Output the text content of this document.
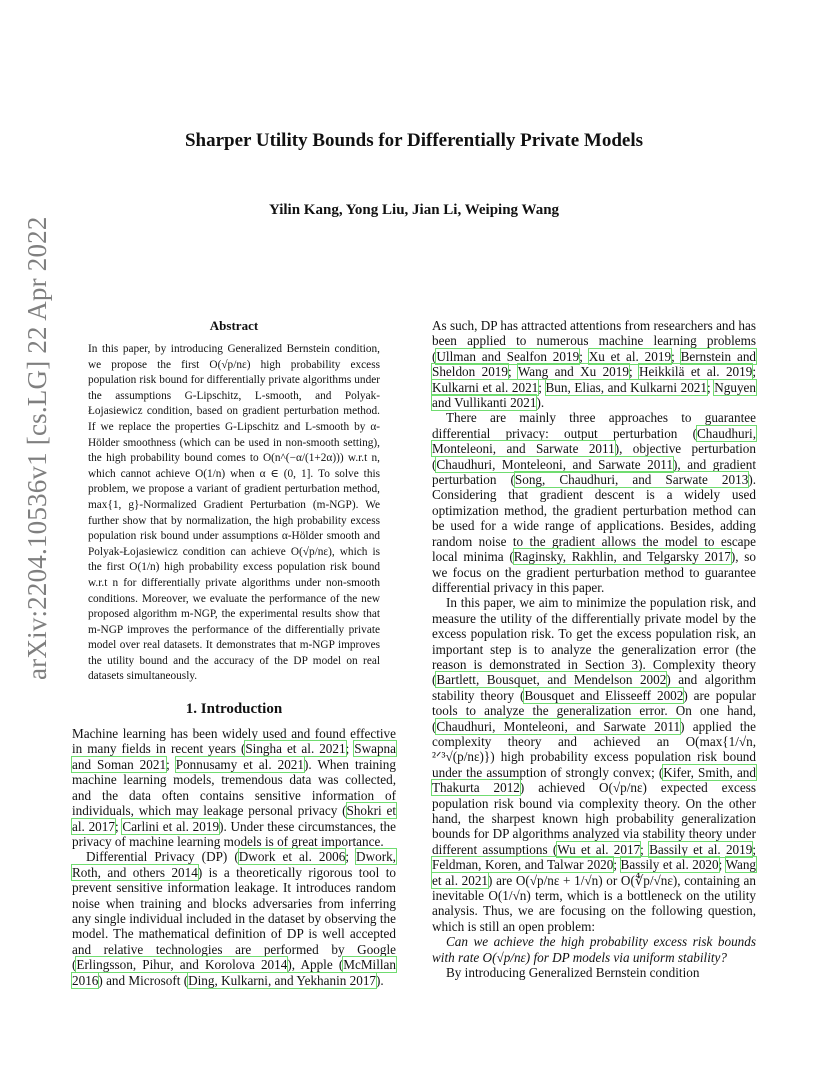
arXiv:2204.10536v1 [cs.LG] 22 Apr 2022
Sharper Utility Bounds for Differentially Private Models
Yilin Kang, Yong Liu, Jian Li, Weiping Wang
Abstract
In this paper, by introducing Generalized Bernstein condition, we propose the first O(√p/nε) high probability excess population risk bound for differentially private algorithms under the assumptions G-Lipschitz, L-smooth, and Polyak-Łojasiewicz condition, based on gradient perturbation method. If we replace the properties G-Lipschitz and L-smooth by α-Hölder smoothness (which can be used in non-smooth setting), the high probability bound comes to O(n^(−α/(1+2α))) w.r.t n, which cannot achieve O(1/n) when α ∈ (0, 1]. To solve this problem, we propose a variant of gradient perturbation method, max{1, g}-Normalized Gradient Perturbation (m-NGP). We further show that by normalization, the high probability excess population risk bound under assumptions α-Hölder smooth and Polyak-Łojasiewicz condition can achieve O(√p/nε), which is the first O(1/n) high probability excess population risk bound w.r.t n for differentially private algorithms under non-smooth conditions. Moreover, we evaluate the performance of the new proposed algorithm m-NGP, the experimental results show that m-NGP improves the performance of the differentially private model over real datasets. It demonstrates that m-NGP improves the utility bound and the accuracy of the DP model on real datasets simultaneously.
1. Introduction

Machine learning has been widely used and found effective in many fields in recent years (Singha et al. 2021; Swapna and Soman 2021; Ponnusamy et al. 2021). When training machine learning models, tremendous data was collected, and the data often contains sensitive information of individuals, which may leakage personal privacy (Shokri et al. 2017; Carlini et al. 2019). Under these circumstances, the privacy of machine learning models is of great importance.

Differential Privacy (DP) (Dwork et al. 2006; Dwork, Roth, and others 2014) is a theoretically rigorous tool to prevent sensitive information leakage. It introduces random noise when training and blocks adversaries from inferring any single individual included in the dataset by observing the model. The mathematical definition of DP is well accepted and relative technologies are performed by Google (Erlingsson, Pihur, and Korolova 2014), Apple (McMillan 2016) and Microsoft (Ding, Kulkarni, and Yekhanin 2017).

As such, DP has attracted attentions from researchers and has been applied to numerous machine learning problems (Ullman and Sealfon 2019; Xu et al. 2019; Bernstein and Sheldon 2019; Wang and Xu 2019; Heikkilä et al. 2019; Kulkarni et al. 2021; Bun, Elias, and Kulkarni 2021; Nguyen and Vullikanti 2021).

There are mainly three approaches to guarantee differential privacy: output perturbation (Chaudhuri, Monteleoni, and Sarwate 2011), objective perturbation (Chaudhuri, Monteleoni, and Sarwate 2011), and gradient perturbation (Song, Chaudhuri, and Sarwate 2013). Considering that gradient descent is a widely used optimization method, the gradient perturbation method can be used for a wide range of applications. Besides, adding random noise to the gradient allows the model to escape local minima (Raginsky, Rakhlin, and Telgarsky 2017), so we focus on the gradient perturbation method to guarantee differential privacy in this paper.

In this paper, we aim to minimize the population risk, and measure the utility of the differentially private model by the excess population risk. To get the excess population risk, an important step is to analyze the generalization error (the reason is demonstrated in Section 3). Complexity theory (Bartlett, Bousquet, and Mendelson 2002) and algorithm stability theory (Bousquet and Elisseeff 2002) are popular tools to analyze the generalization error. On one hand, (Chaudhuri, Monteleoni, and Sarwate 2011) applied the complexity theory and achieved an O(max{1/√n, ²ᐟ³√(p/nε)}) high probability excess population risk bound under the assumption of strongly convex; (Kifer, Smith, and Thakurta 2012) achieved O(√p/nε) expected excess population risk bound via complexity theory. On the other hand, the sharpest known high probability generalization bounds for DP algorithms analyzed via stability theory under different assumptions (Wu et al. 2017; Bassily et al. 2019; Feldman, Koren, and Talwar 2020; Bassily et al. 2020; Wang et al. 2021) are O(√p/nε + 1/√n) or O(∜p/√nε), containing an inevitable O(1/√n) term, which is a bottleneck on the utility analysis. Thus, we are focusing on the following question, which is still an open problem:

Can we achieve the high probability excess risk bounds with rate O(√p/nε) for DP models via uniform stability?

By introducing Generalized Bernstein condition
